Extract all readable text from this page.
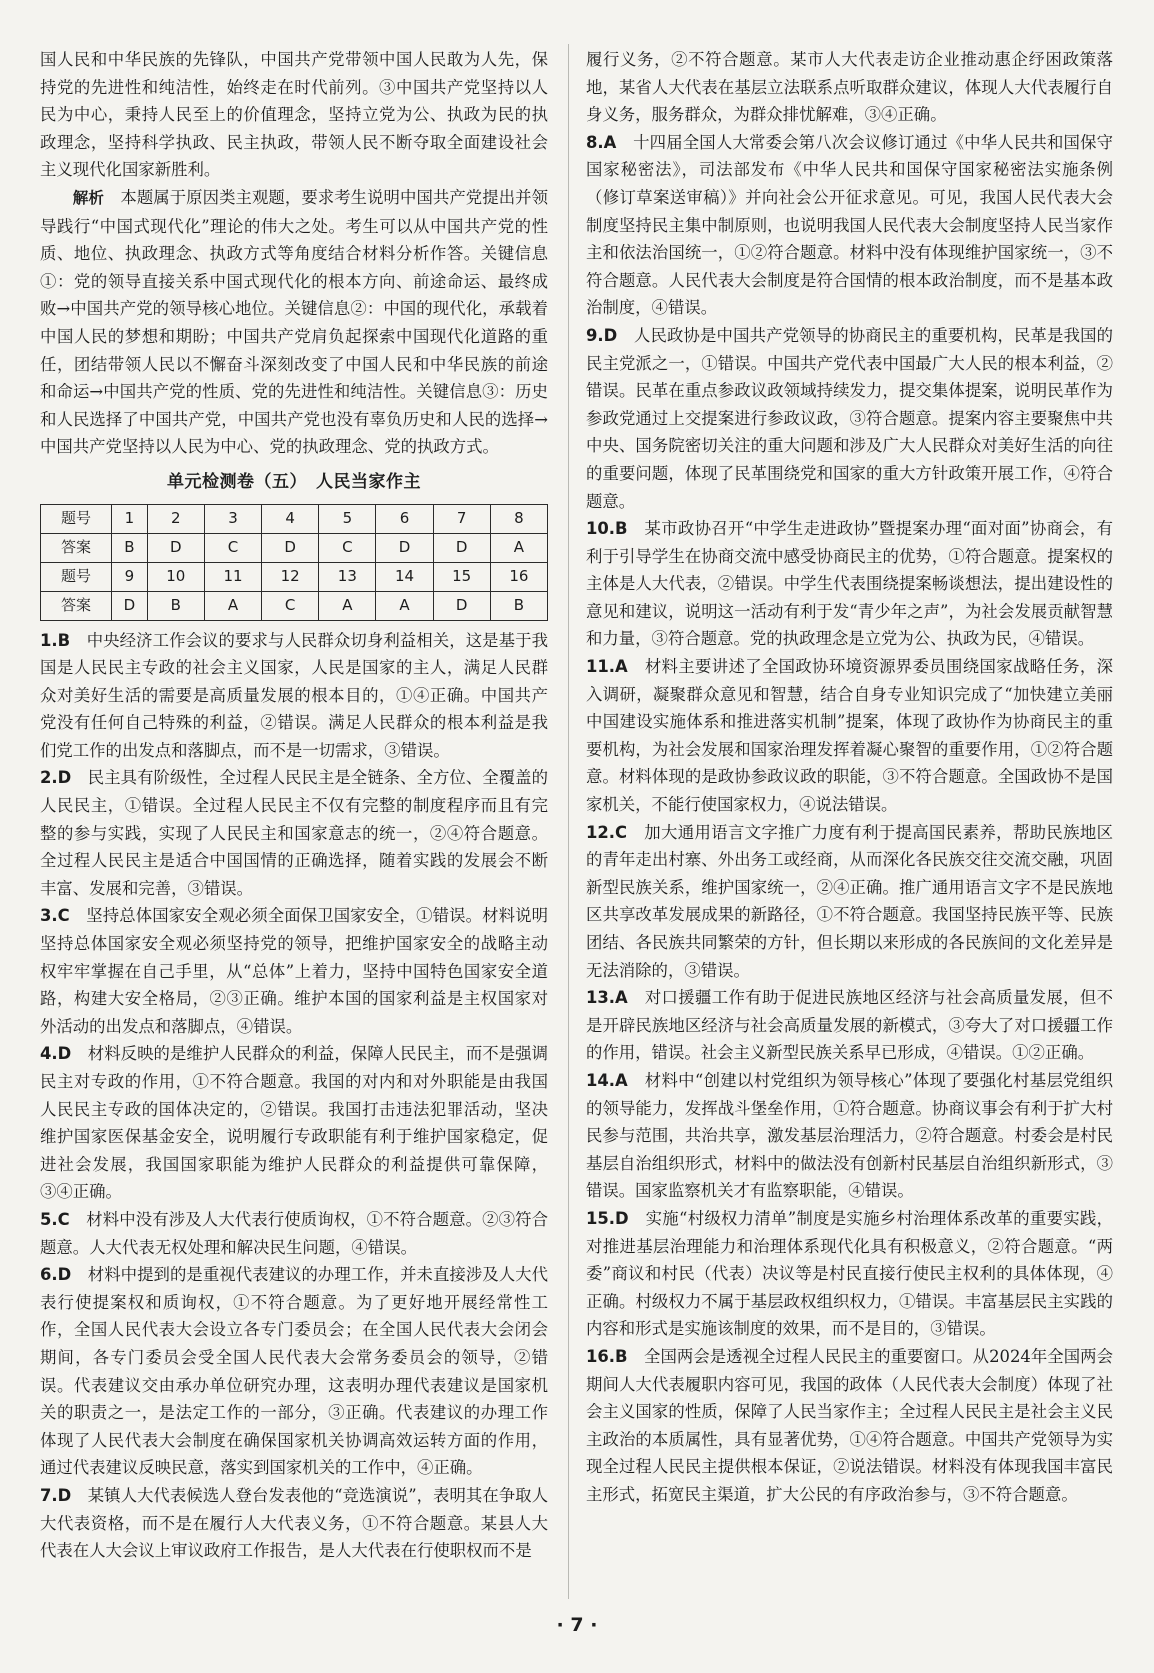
国人民和中华民族的先锋队，中国共产党带领中国人民敢为人先，保持党的先进性和纯洁性，始终走在时代前列。③中国共产党坚持以人民为中心，秉持人民至上的价值理念，坚持立党为公、执政为民的执政理念，坚持科学执政、民主执政，带领人民不断夺取全面建设社会主义现代化国家新胜利。

解析　 本题属于原因类主观题，要求考生说明中国共产党提出并领导践行“中国式现代化”理论的伟大之处。考生可以从中国共产党的性质、地位、执政理念、执政方式等角度结合材料分析作答。关键信息①：党的领导直接关系中国式现代化的根本方向、前途命运、最终成败→中国共产党的领导核心地位。关键信息②：中国的现代化，承载着中国人民的梦想和期盼；中国共产党肩负起探索中国现代化道路的重任，团结带领人民以不懈奋斗深刻改变了中国人民和中华民族的前途和命运→中国共产党的性质、党的先进性和纯洁性。关键信息③：历史和人民选择了中国共产党，中国共产党也没有辜负历史和人民的选择→中国共产党坚持以人民为中心、党的执政理念、党的执政方式。

单元检测卷（五）　人民当家作主
题号	1	2	3	4	5	6	7	8
答案	B	D	C	D	C	D	D	A
题号	9	10	11	12	13	14	15	16
答案	D	B	A	C	A	A	D	B

1.B　 中央经济工作会议的要求与人民群众切身利益相关，这是基于我国是人民民主专政的社会主义国家，人民是国家的主人，满足人民群众对美好生活的需要是高质量发展的根本目的，①④正确。中国共产党没有任何自己特殊的利益，②错误。满足人民群众的根本利益是我们党工作的出发点和落脚点，而不是一切需求，③错误。

2.D　 民主具有阶级性，全过程人民民主是全链条、全方位、全覆盖的人民民主，①错误。全过程人民民主不仅有完整的制度程序而且有完整的参与实践，实现了人民民主和国家意志的统一，②④符合题意。全过程人民民主是适合中国国情的正确选择，随着实践的发展会不断丰富、发展和完善，③错误。

3.C　 坚持总体国家安全观必须全面保卫国家安全，①错误。材料说明坚持总体国家安全观必须坚持党的领导，把维护国家安全的战略主动权牢牢掌握在自己手里，从“总体”上着力，坚持中国特色国家安全道路，构建大安全格局，②③正确。维护本国的国家利益是主权国家对外活动的出发点和落脚点，④错误。

4.D　 材料反映的是维护人民群众的利益，保障人民民主，而不是强调民主对专政的作用，①不符合题意。我国的对内和对外职能是由我国人民民主专政的国体决定的，②错误。我国打击违法犯罪活动，坚决维护国家医保基金安全，说明履行专政职能有利于维护国家稳定，促进社会发展，我国国家职能为维护人民群众的利益提供可靠保障，③④正确。

5.C　 材料中没有涉及人大代表行使质询权，①不符合题意。②③符合题意。人大代表无权处理和解决民生问题，④错误。

6.D　 材料中提到的是重视代表建议的办理工作，并未直接涉及人大代表行使提案权和质询权，①不符合题意。为了更好地开展经常性工作，全国人民代表大会设立各专门委员会；在全国人民代表大会闭会期间，各专门委员会受全国人民代表大会常务委员会的领导，②错误。代表建议交由承办单位研究办理，这表明办理代表建议是国家机关的职责之一，是法定工作的一部分，③正确。代表建议的办理工作体现了人民代表大会制度在确保国家机关协调高效运转方面的作用，通过代表建议反映民意，落实到国家机关的工作中，④正确。

7.D　 某镇人大代表候选人登台发表他的“竞选演说”，表明其在争取人大代表资格，而不是在履行人大代表义务，①不符合题意。某县人大代表在人大会议上审议政府工作报告，是人大代表在行使职权而不是

履行义务，②不符合题意。某市人大代表走访企业推动惠企纾困政策落地，某省人大代表在基层立法联系点听取群众建议，体现人大代表履行自身义务，服务群众，为群众排忧解难，③④正确。

8.A　 十四届全国人大常委会第八次会议修订通过《中华人民共和国保守国家秘密法》，司法部发布《中华人民共和国保守国家秘密法实施条例（修订草案送审稿）》并向社会公开征求意见。可见，我国人民代表大会制度坚持民主集中制原则，也说明我国人民代表大会制度坚持人民当家作主和依法治国统一，①②符合题意。材料中没有体现维护国家统一，③不符合题意。人民代表大会制度是符合国情的根本政治制度，而不是基本政治制度，④错误。

9.D　 人民政协是中国共产党领导的协商民主的重要机构，民革是我国的民主党派之一，①错误。中国共产党代表中国最广大人民的根本利益，②错误。民革在重点参政议政领域持续发力，提交集体提案，说明民革作为参政党通过上交提案进行参政议政，③符合题意。提案内容主要聚焦中共中央、国务院密切关注的重大问题和涉及广大人民群众对美好生活的向往的重要问题，体现了民革围绕党和国家的重大方针政策开展工作，④符合题意。

10.B　 某市政协召开“中学生走进政协”暨提案办理“面对面”协商会，有利于引导学生在协商交流中感受协商民主的优势，①符合题意。提案权的主体是人大代表，②错误。中学生代表围绕提案畅谈想法，提出建设性的意见和建议，说明这一活动有利于发“青少年之声”，为社会发展贡献智慧和力量，③符合题意。党的执政理念是立党为公、执政为民，④错误。

11.A　 材料主要讲述了全国政协环境资源界委员围绕国家战略任务，深入调研，凝聚群众意见和智慧，结合自身专业知识完成了“加快建立美丽中国建设实施体系和推进落实机制”提案，体现了政协作为协商民主的重要机构，为社会发展和国家治理发挥着凝心聚智的重要作用，①②符合题意。材料体现的是政协参政议政的职能，③不符合题意。全国政协不是国家机关，不能行使国家权力，④说法错误。

12.C　 加大通用语言文字推广力度有利于提高国民素养，帮助民族地区的青年走出村寨、外出务工或经商，从而深化各民族交往交流交融，巩固新型民族关系，维护国家统一，②④正确。推广通用语言文字不是民族地区共享改革发展成果的新路径，①不符合题意。我国坚持民族平等、民族团结、各民族共同繁荣的方针，但长期以来形成的各民族间的文化差异是无法消除的，③错误。

13.A　 对口援疆工作有助于促进民族地区经济与社会高质量发展，但不是开辟民族地区经济与社会高质量发展的新模式，③夸大了对口援疆工作的作用，错误。社会主义新型民族关系早已形成，④错误。①②正确。

14.A　 材料中“创建以村党组织为领导核心”体现了要强化村基层党组织的领导能力，发挥战斗堡垒作用，①符合题意。协商议事会有利于扩大村民参与范围，共治共享，激发基层治理活力，②符合题意。村委会是村民基层自治组织形式，材料中的做法没有创新村民基层自治组织新形式，③错误。国家监察机关才有监察职能，④错误。

15.D　 实施“村级权力清单”制度是实施乡村治理体系改革的重要实践，对推进基层治理能力和治理体系现代化具有积极意义，②符合题意。“两委”商议和村民（代表）决议等是村民直接行使民主权利的具体体现，④正确。村级权力不属于基层政权组织权力，①错误。丰富基层民主实践的内容和形式是实施该制度的效果，而不是目的，③错误。

16.B　 全国两会是透视全过程人民民主的重要窗口。从2024年全国两会期间人大代表履职内容可见，我国的政体（人民代表大会制度）体现了社会主义国家的性质，保障了人民当家作主；全过程人民民主是社会主义民主政治的本质属性，具有显著优势，①④符合题意。中国共产党领导为实现全过程人民民主提供根本保证，②说法错误。材料没有体现我国丰富民主形式，拓宽民主渠道，扩大公民的有序政治参与，③不符合题意。

· 7 ·
